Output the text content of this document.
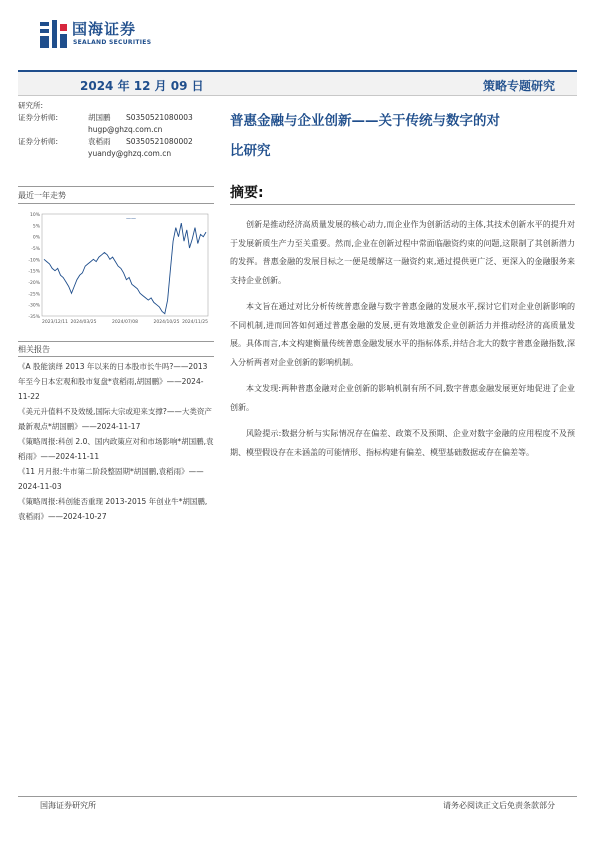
国海证券
SEALAND SECURITIES
2024 年 12 月 09 日	策略专题研究
研究所:
证券分析师:	胡国鹏 S0350521080003
hugp@ghzq.com.cn
证券分析师:	袁稻雨 S0350521080002
yuandy@ghzq.com.cn
普惠金融与企业创新——关于传统与数字的对
比研究
最近一年走势
10%
5%
0%
-5%
-10%
-15%
-20%
-25%
-30%
-35%
2023/12/11 2024/03/25	2024/07/08	2024/10/25 2024/11/25
——
相关报告
《A 股能演绎 2013 年以来的日本股市长牛吗?——2013 年至今日本宏观和股市复盘*袁稻雨,胡国鹏》——2024-11-22
《美元升值料不及效缓,国际大宗或迎来支撑?——大类资产最新观点*胡国鹏》——2024-11-17
《策略周报:科创 2.0、国内政策应对和市场影响*胡国鹏,袁稻雨》——2024-11-11
《11 月月报:牛市第二阶段整固期*胡国鹏,袁稻雨》——2024-11-03
《策略周报:科创能否重现 2013-2015 年创业牛*胡国鹏,袁稻雨》——2024-10-27
摘要:

创新是推动经济高质量发展的核心动力,而企业作为创新活动的主体,其技术创新水平的提升对于发展新质生产力至关重要。然而,企业在创新过程中常面临融资约束的问题,这限制了其创新潜力的发挥。普惠金融的发展目标之一便是缓解这一融资约束,通过提供更广泛、更深入的金融服务来支持企业创新。

本文旨在通过对比分析传统普惠金融与数字普惠金融的发展水平,探讨它们对企业创新影响的不同机制,进而回答如何通过普惠金融的发展,更有效地激发企业创新活力并推动经济的高质量发展。具体而言,本文构建衡量传统普惠金融发展水平的指标体系,并结合北大的数字普惠金融指数,深入分析两者对企业创新的影响机制。

本文发现:两种普惠金融对企业创新的影响机制有所不同,数字普惠金融发展更好地促进了企业创新。

风险提示:数据分析与实际情况存在偏差、政策不及预期、企业对数字金融的应用程度不及预期、模型假设存在未涵盖的可能情形、指标构建有偏差、模型基础数据或存在偏差等。

国海证券研究所	请务必阅读正文后免责条款部分
